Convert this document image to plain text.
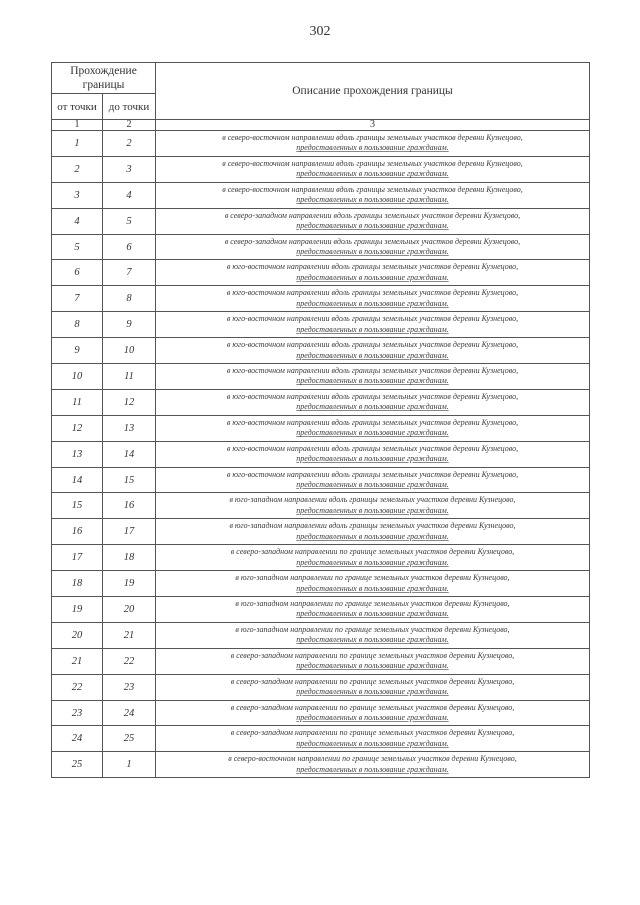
302
Прохождение границы		Описание прохождения границы
от точки	до точки	
1	2	3
1	2	в северо-восточном направлении вдоль границы земельных участков деревни Кузнецово,
предоставленных в пользование гражданам.

2	3	в северо-восточном направлении вдоль границы земельных участков деревни Кузнецово,
предоставленных в пользование гражданам.

3	4	в северо-восточном направлении вдоль границы земельных участков деревни Кузнецово,
предоставленных в пользование гражданам.

4	5	в северо-западном направлении вдоль границы земельных участков деревни Кузнецово,
предоставленных в пользование гражданам.

5	6	в северо-западном направлении вдоль границы земельных участков деревни Кузнецово,
предоставленных в пользование гражданам.

6	7	в юго-восточном направлении вдоль границы земельных участков деревни Кузнецово,
предоставленных в пользование гражданам.

7	8	в юго-восточном направлении вдоль границы земельных участков деревни Кузнецово,
предоставленных в пользование гражданам.

8	9	в юго-восточном направлении вдоль границы земельных участков деревни Кузнецово,
предоставленных в пользование гражданам.

9	10	в юго-восточном направлении вдоль границы земельных участков деревни Кузнецово,
предоставленных в пользование гражданам.

10	11	в юго-восточном направлении вдоль границы земельных участков деревни Кузнецово,
предоставленных в пользование гражданам.

11	12	в юго-восточном направлении вдоль границы земельных участков деревни Кузнецово,
предоставленных в пользование гражданам.

12	13	в юго-восточном направлении вдоль границы земельных участков деревни Кузнецово,
предоставленных в пользование гражданам.

13	14	в юго-восточном направлении вдоль границы земельных участков деревни Кузнецово,
предоставленных в пользование гражданам.

14	15	в юго-восточном направлении вдоль границы земельных участков деревни Кузнецово,
предоставленных в пользование гражданам.

15	16	в юго-западном направлении вдоль границы земельных участков деревни Кузнецово,
предоставленных в пользование гражданам.

16	17	в юго-западном направлении вдоль границы земельных участков деревни Кузнецово,
предоставленных в пользование гражданам.

17	18	в северо-западном направлении по границе земельных участков деревни Кузнецово,
предоставленных в пользование гражданам.

18	19	в юго-западном направлении по границе земельных участков деревни Кузнецово,
предоставленных в пользование гражданам.

19	20	в юго-западном направлении по границе земельных участков деревни Кузнецово,
предоставленных в пользование гражданам.

20	21	в юго-западном направлении по границе земельных участков деревни Кузнецово,
предоставленных в пользование гражданам.

21	22	в северо-западном направлении по границе земельных участков деревни Кузнецово,
предоставленных в пользование гражданам.

22	23	в северо-западном направлении по границе земельных участков деревни Кузнецово,
предоставленных в пользование гражданам.

23	24	в северо-западном направлении по границе земельных участков деревни Кузнецово,
предоставленных в пользование гражданам.

24	25	в северо-западном направлении по границе земельных участков деревни Кузнецово,
предоставленных в пользование гражданам.

25	1	в северо-восточном направлении по границе земельных участков деревни Кузнецово,
предоставленных в пользование гражданам.
